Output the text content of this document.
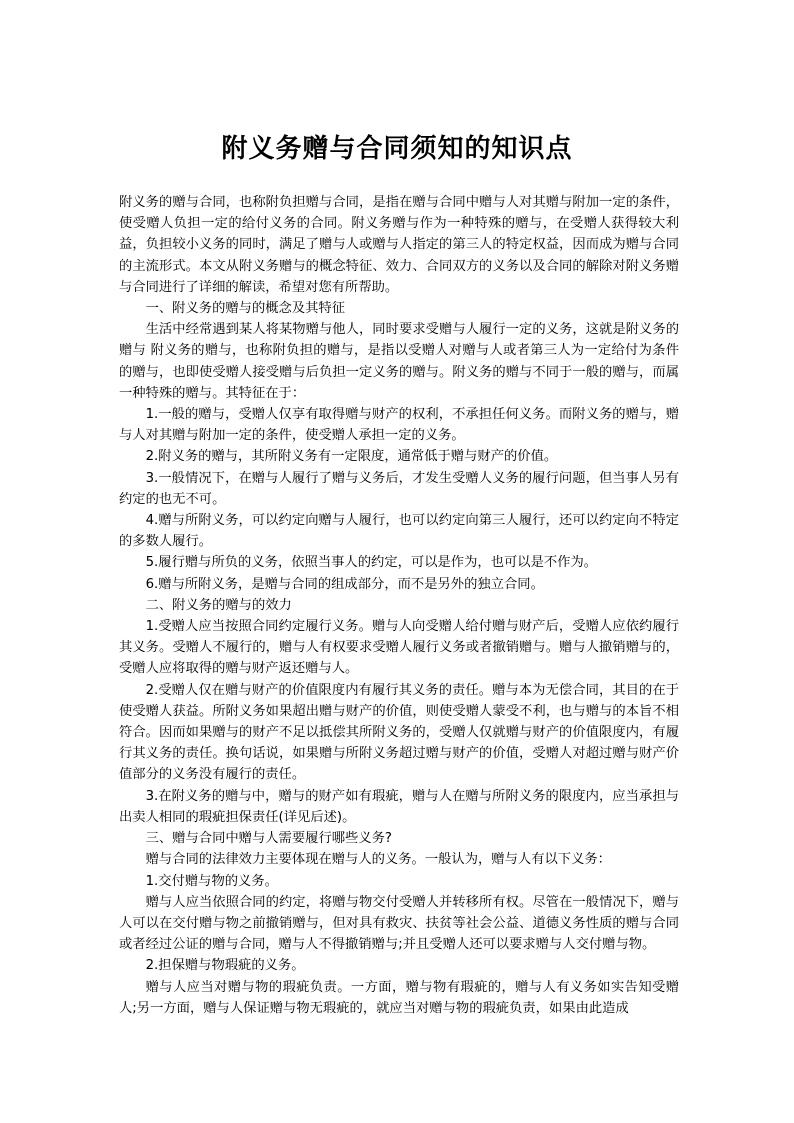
附义务赠与合同须知的知识点

附义务的赠与合同，也称附负担赠与合同，是指在赠与合同中赠与人对其赠与附加一定的条件，使受赠人负担一定的给付义务的合同。附义务赠与作为一种特殊的赠与，在受赠人获得较大利益，负担较小义务的同时，满足了赠与人或赠与人指定的第三人的特定权益，因而成为赠与合同的主流形式。本文从附义务赠与的概念特征、效力、合同双方的义务以及合同的解除对附义务赠与合同进行了详细的解读，希望对您有所帮助。

一、附义务的赠与的概念及其特征

生活中经常遇到某人将某物赠与他人，同时要求受赠与人履行一定的义务，这就是附义务的赠与 附义务的赠与，也称附负担的赠与，是指以受赠人对赠与人或者第三人为一定给付为条件的赠与，也即使受赠人接受赠与后负担一定义务的赠与。附义务的赠与不同于一般的赠与，而属一种特殊的赠与。其特征在于：

1.一般的赠与，受赠人仅享有取得赠与财产的权利，不承担任何义务。而附义务的赠与，赠与人对其赠与附加一定的条件，使受赠人承担一定的义务。

2.附义务的赠与，其所附义务有一定限度，通常低于赠与财产的价值。

3.一般情况下，在赠与人履行了赠与义务后，才发生受赠人义务的履行问题，但当事人另有约定的也无不可。

4.赠与所附义务，可以约定向赠与人履行，也可以约定向第三人履行，还可以约定向不特定的多数人履行。

5.履行赠与所负的义务，依照当事人的约定，可以是作为，也可以是不作为。

6.赠与所附义务，是赠与合同的组成部分，而不是另外的独立合同。

二、附义务的赠与的效力

1.受赠人应当按照合同约定履行义务。赠与人向受赠人给付赠与财产后，受赠人应依约履行其义务。受赠人不履行的，赠与人有权要求受赠人履行义务或者撤销赠与。赠与人撤销赠与的，受赠人应将取得的赠与财产返还赠与人。

2.受赠人仅在赠与财产的价值限度内有履行其义务的责任。赠与本为无偿合同，其目的在于使受赠人获益。所附义务如果超出赠与财产的价值，则使受赠人蒙受不利，也与赠与的本旨不相符合。因而如果赠与的财产不足以抵偿其所附义务的，受赠人仅就赠与财产的价值限度内，有履行其义务的责任。换句话说，如果赠与所附义务超过赠与财产的价值，受赠人对超过赠与财产价值部分的义务没有履行的责任。

3.在附义务的赠与中，赠与的财产如有瑕疵，赠与人在赠与所附义务的限度内，应当承担与出卖人相同的瑕疵担保责任(详见后述)。

三、赠与合同中赠与人需要履行哪些义务?

赠与合同的法律效力主要体现在赠与人的义务。一般认为，赠与人有以下义务：

1.交付赠与物的义务。

赠与人应当依照合同的约定，将赠与物交付受赠人并转移所有权。尽管在一般情况下，赠与人可以在交付赠与物之前撤销赠与，但对具有救灾、扶贫等社会公益、道德义务性质的赠与合同或者经过公证的赠与合同，赠与人不得撤销赠与;并且受赠人还可以要求赠与人交付赠与物。

2.担保赠与物瑕疵的义务。

赠与人应当对赠与物的瑕疵负责。一方面，赠与物有瑕疵的，赠与人有义务如实告知受赠人;另一方面，赠与人保证赠与物无瑕疵的，就应当对赠与物的瑕疵负责，如果由此造成
